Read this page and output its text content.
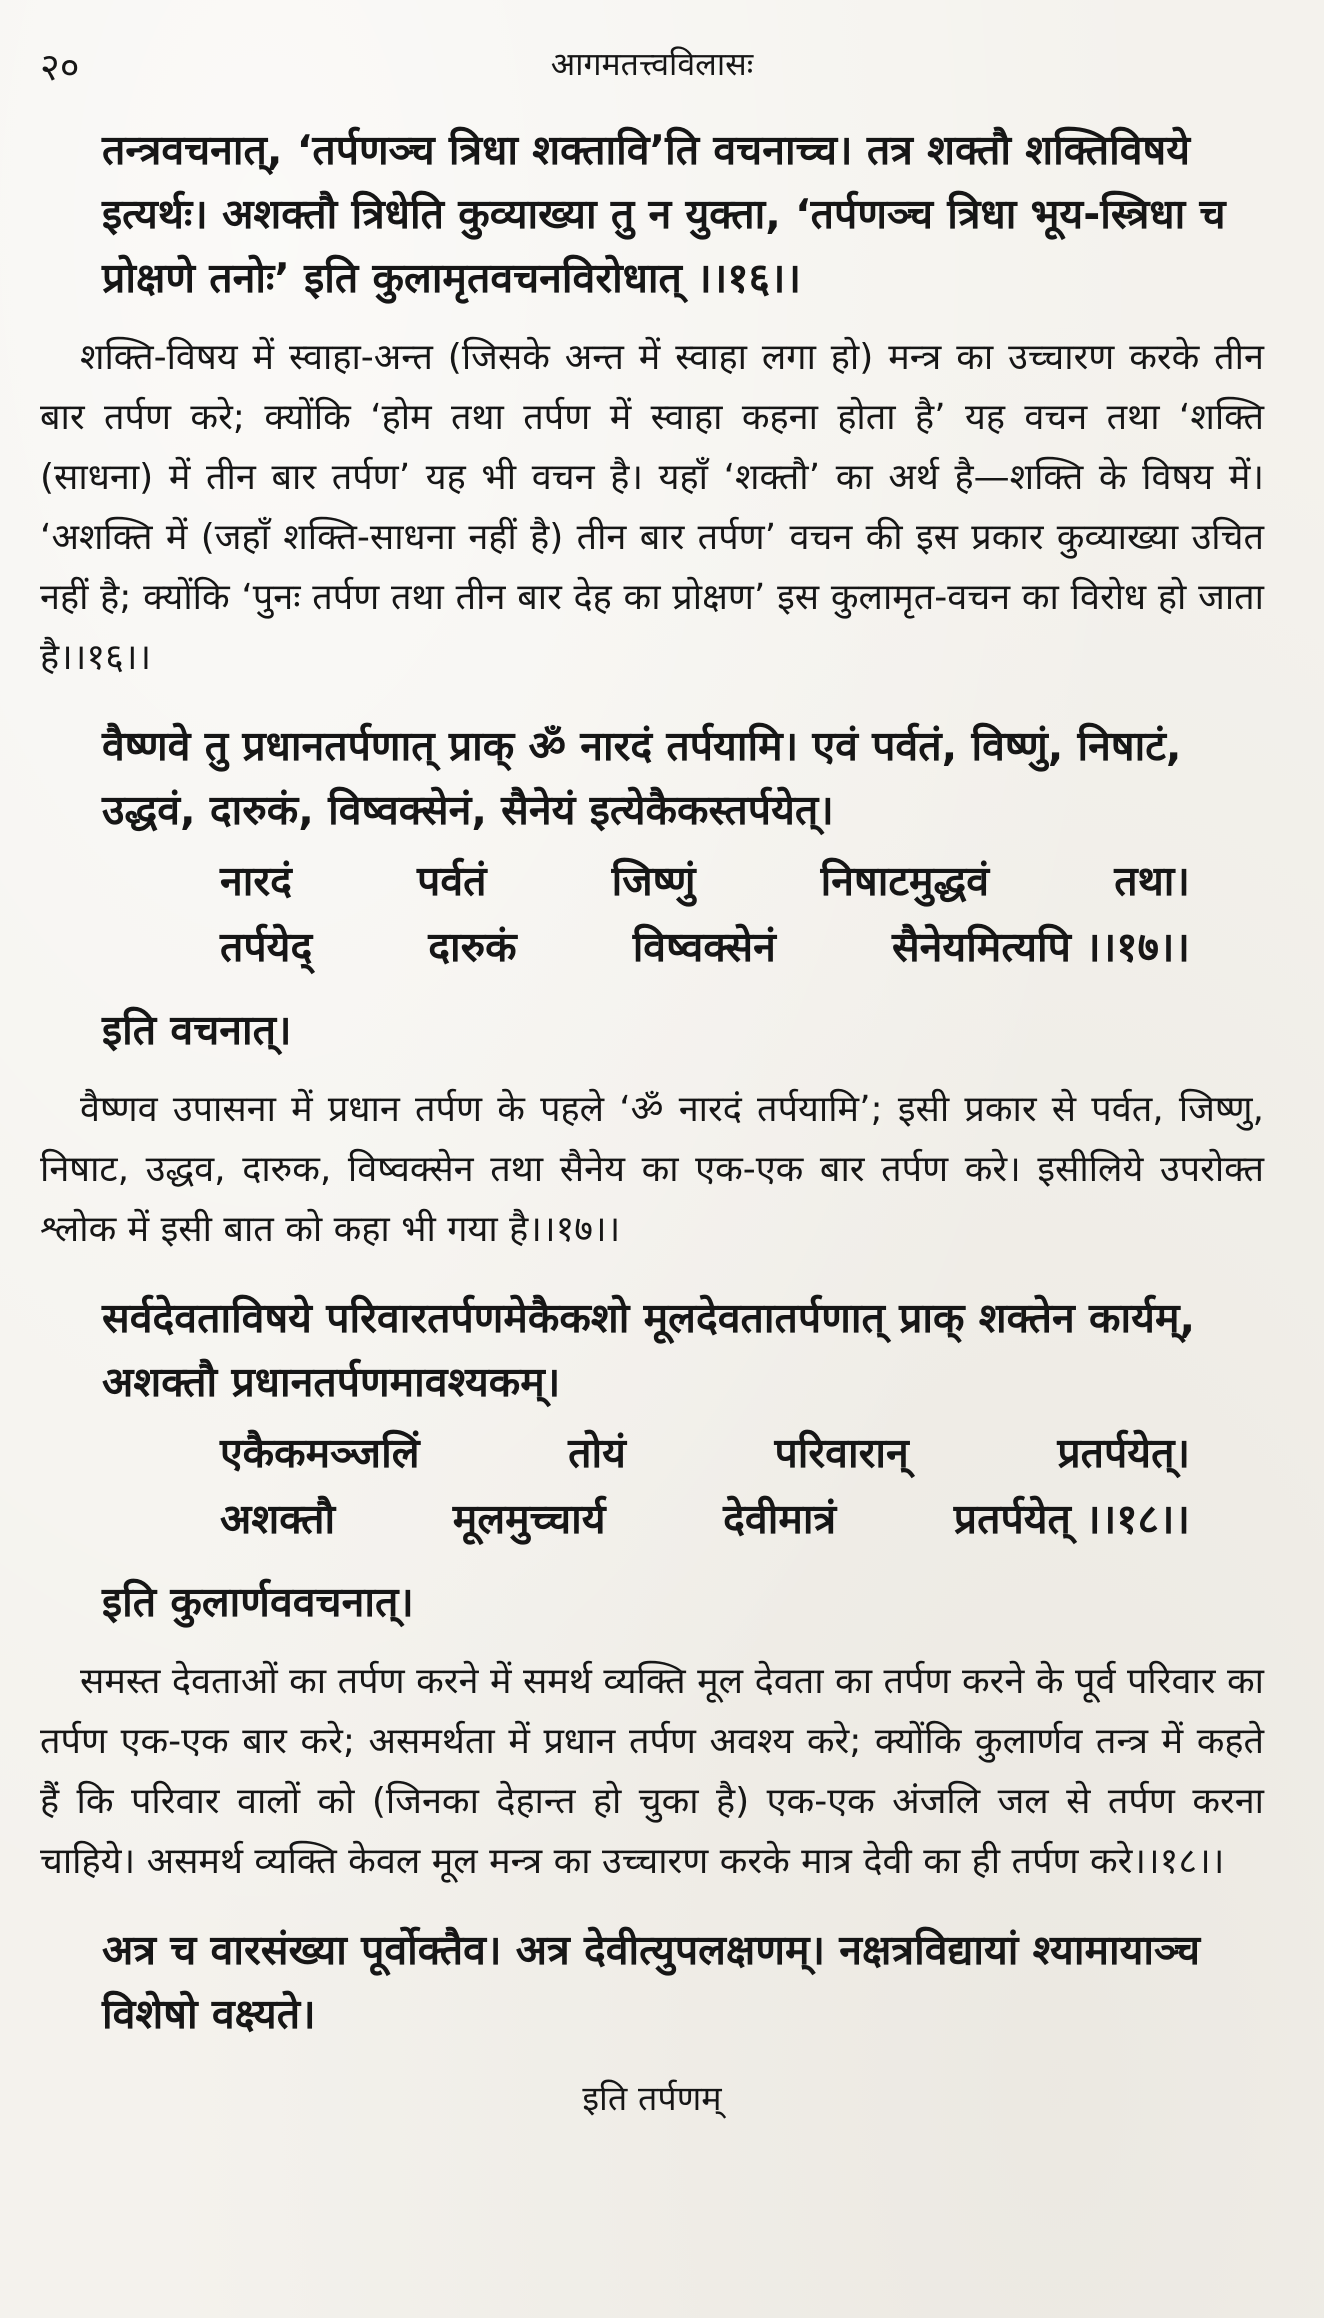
२०	आगमतत्त्वविलासः

तन्त्रवचनात्, ‘तर्पणञ्च त्रिधा शक्ताविʼति वचनाच्च। तत्र शक्तौ शक्तिविषये इत्यर्थः। अशक्तौ त्रिधेति कुव्याख्या तु न युक्ता, ‘तर्पणञ्च त्रिधा भूय-स्त्रिधा च प्रोक्षणे तनोःʼ इति कुलामृतवचनविरोधात् ।।१६।।

शक्ति-विषय में स्वाहा-अन्त (जिसके अन्त में स्वाहा लगा हो) मन्त्र का उच्चारण करके तीन बार तर्पण करे; क्योंकि ‘होम तथा तर्पण में स्वाहा कहना होता हैʼ यह वचन तथा ‘शक्ति (साधना) में तीन बार तर्पणʼ यह भी वचन है। यहाँ ‘शक्तौʼ का अर्थ है—शक्ति के विषय में। ‘अशक्ति में (जहाँ शक्ति-साधना नहीं है) तीन बार तर्पणʼ वचन की इस प्रकार कुव्याख्या उचित नहीं है; क्योंकि ‘पुनः तर्पण तथा तीन बार देह का प्रोक्षणʼ इस कुलामृत-वचन का विरोध हो जाता है।।१६।।

वैष्णवे तु प्रधानतर्पणात् प्राक् ॐ नारदं तर्पयामि। एवं पर्वतं, विष्णुं, निषाटं, उद्धवं, दारुकं, विष्वक्सेनं, सैनेयं इत्येकैकस्तर्पयेत्।

नारदं	पर्वतं	जिष्णुं	निषाटमुद्धवं	तथा।
तर्पयेद्	दारुकं	विष्वक्सेनं	सैनेयमित्यपि ।।१७।।

इति वचनात्।

वैष्णव उपासना में प्रधान तर्पण के पहले ‘ॐ नारदं तर्पयामिʼ; इसी प्रकार से पर्वत, जिष्णु, निषाट, उद्धव, दारुक, विष्वक्सेन तथा सैनेय का एक-एक बार तर्पण करे। इसीलिये उपरोक्त श्लोक में इसी बात को कहा भी गया है।।१७।।

सर्वदेवताविषये परिवारतर्पणमेकैकशो मूलदेवतातर्पणात् प्राक् शक्तेन कार्यम्, अशक्तौ प्रधानतर्पणमावश्यकम्।

एकैकमञ्जलिं	तोयं	परिवारान्	प्रतर्पयेत्।
अशक्तौ	मूलमुच्चार्य	देवीमात्रं	प्रतर्पयेत् ।।१८।।

इति कुलार्णववचनात्।

समस्त देवताओं का तर्पण करने में समर्थ व्यक्ति मूल देवता का तर्पण करने के पूर्व परिवार का तर्पण एक-एक बार करे; असमर्थता में प्रधान तर्पण अवश्य करे; क्योंकि कुलार्णव तन्त्र में कहते हैं कि परिवार वालों को (जिनका देहान्त हो चुका है) एक-एक अंजलि जल से तर्पण करना चाहिये। असमर्थ व्यक्ति केवल मूल मन्त्र का उच्चारण करके मात्र देवी का ही तर्पण करे।।१८।।

अत्र च वारसंख्या पूर्वोक्तैव। अत्र देवीत्युपलक्षणम्। नक्षत्रविद्यायां श्यामायाञ्च विशेषो वक्ष्यते।

इति तर्पणम्
